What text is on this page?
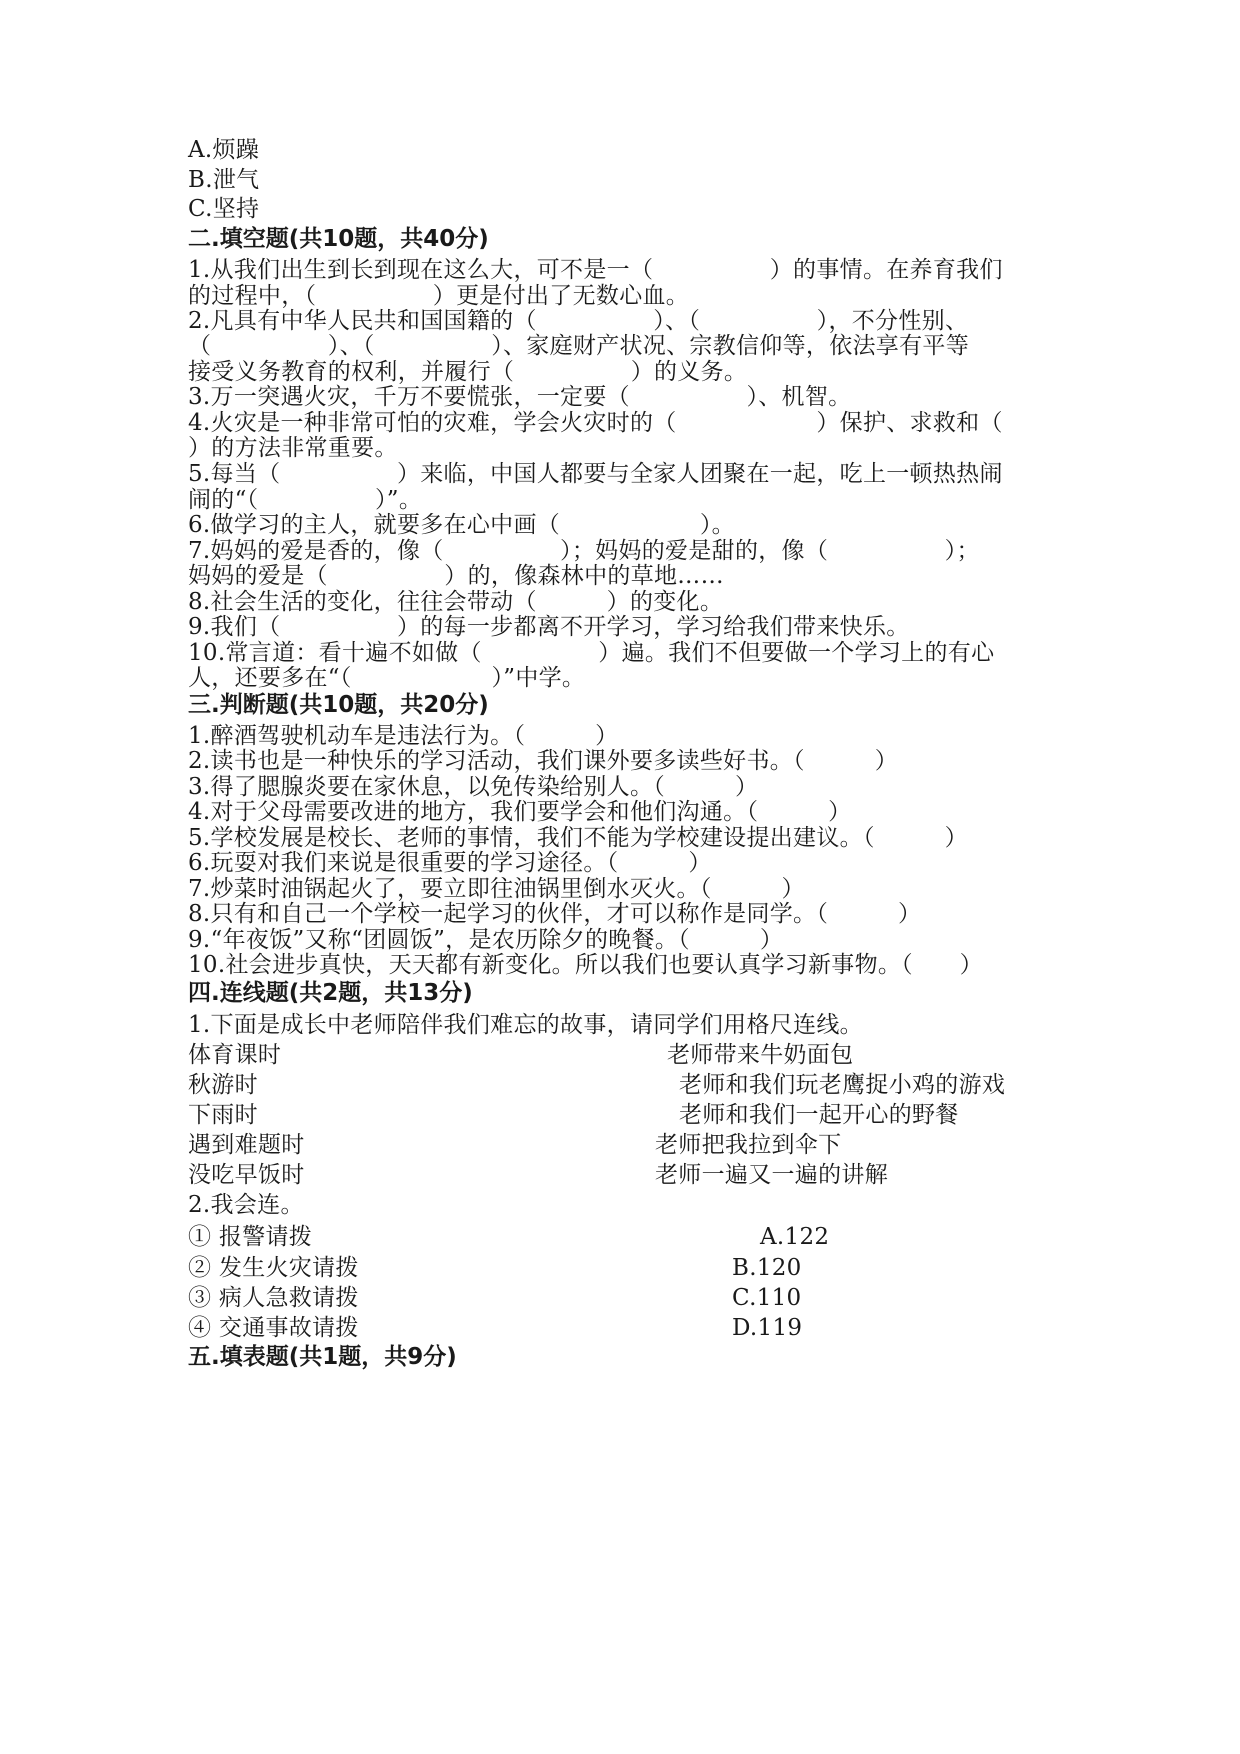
A.烦躁
B.泄气
C.坚持
二.填空题(共10题，共40分)
1.从我们出生到长到现在这么大，可不是一（　　　　　）的事情。在养育我们
的过程中，（　　　　　）更是付出了无数心血。
2.凡具有中华人民共和国国籍的（　　　　　）、（　　　　　），不分性别、
（　　　　　）、（　　　　　）、家庭财产状况、宗教信仰等，依法享有平等
接受义务教育的权利，并履行（　　　　　）的义务。
3.万一突遇火灾，千万不要慌张，一定要（　　　　　）、机智。
4.火灾是一种非常可怕的灾难，学会火灾时的（　　　　　　）保护、求救和（
）的方法非常重要。
5.每当（　　　　　）来临，中国人都要与全家人团聚在一起，吃上一顿热热闹
闹的“（　　　　　）”。
6.做学习的主人，就要多在心中画（　　　　　　）。
7.妈妈的爱是香的，像（　　　　　）；妈妈的爱是甜的，像（　　　　　）；
妈妈的爱是（　　　　　）的，像森林中的草地……
8.社会生活的变化，往往会带动（　　　）的变化。
9.我们（　　　　　）的每一步都离不开学习，学习给我们带来快乐。
10.常言道：看十遍不如做（　　　　　）遍。我们不但要做一个学习上的有心
人，还要多在“（　　　　　　）”中学。
三.判断题(共10题，共20分)
1.醉酒驾驶机动车是违法行为。（　　　）
2.读书也是一种快乐的学习活动，我们课外要多读些好书。（　　　）
3.得了腮腺炎要在家休息，以免传染给别人。（　　　）
4.对于父母需要改进的地方，我们要学会和他们沟通。（　　　）
5.学校发展是校长、老师的事情，我们不能为学校建设提出建议。（　　　）
6.玩耍对我们来说是很重要的学习途径。（　　　）
7.炒菜时油锅起火了，要立即往油锅里倒水灭火。（　　　）
8.只有和自己一个学校一起学习的伙伴，才可以称作是同学。（　　　）
9.“年夜饭”又称“团圆饭”，是农历除夕的晚餐。（　　　）
10.社会进步真快，天天都有新变化。所以我们也要认真学习新事物。（　　）
四.连线题(共2题，共13分)
1.下面是成长中老师陪伴我们难忘的故事，请同学们用格尺连线。
体育课时
秋游时
下雨时
遇到难题时
没吃早饭时
老师带来牛奶面包
老师和我们玩老鹰捉小鸡的游戏
老师和我们一起开心的野餐
老师把我拉到伞下
老师一遍又一遍的讲解
2.我会连。
① 报警请拨
② 发生火灾请拨
③ 病人急救请拨
④ 交通事故请拨
A.122
B.120
C.110
D.119
五.填表题(共1题，共9分)
